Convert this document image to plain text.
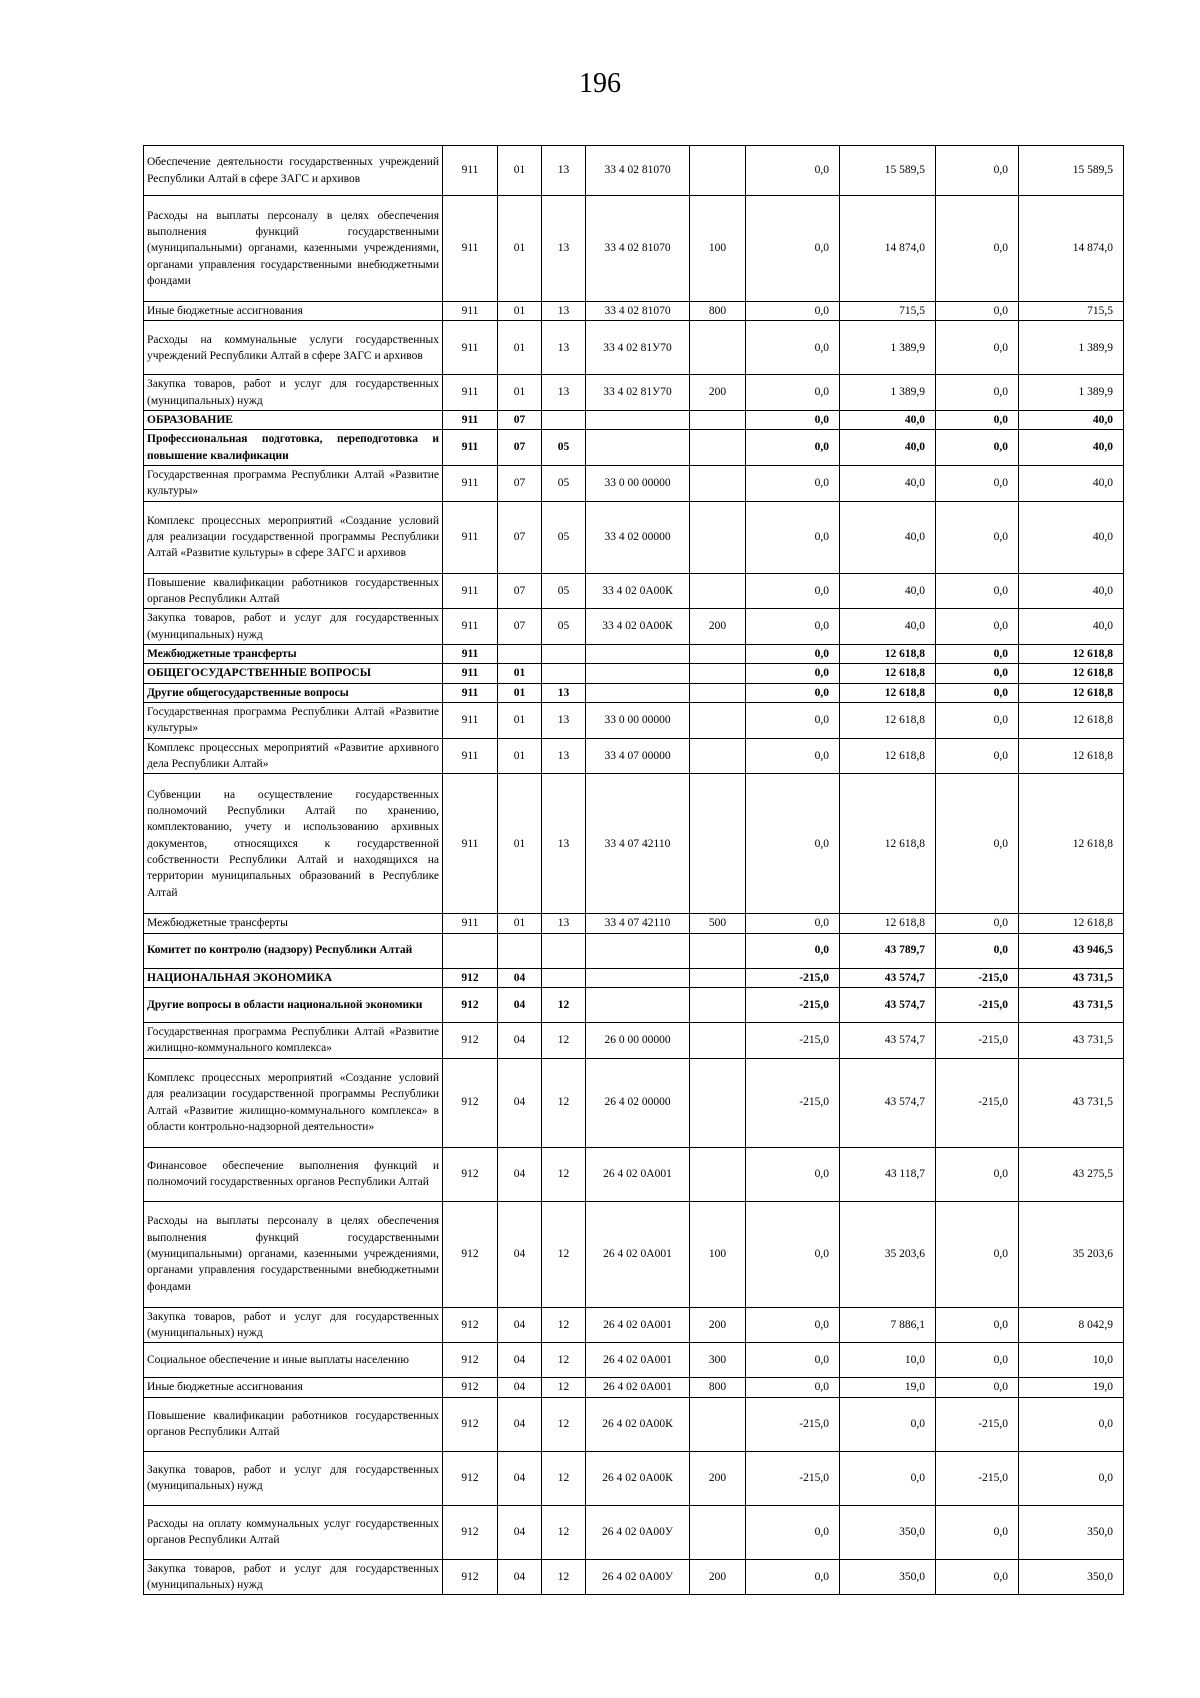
196
Обеспечение деятельности государственных учреждений Республики Алтай в сфере ЗАГС и архивов	911	01	13	33 4 02 81070		0,0	15 589,5	0,0	15 589,5
Расходы на выплаты персоналу в целях обеспечения выполнения функций государственными (муниципальными) органами, казенными учреждениями, органами управления государственными внебюджетными фондами	911	01	13	33 4 02 81070	100	0,0	14 874,0	0,0	14 874,0
Иные бюджетные ассигнования	911	01	13	33 4 02 81070	800	0,0	715,5	0,0	715,5
Расходы на коммунальные услуги государственных учреждений Республики Алтай в сфере ЗАГС и архивов	911	01	13	33 4 02 81У70		0,0	1 389,9	0,0	1 389,9
Закупка товаров, работ и услуг для государственных (муниципальных) нужд	911	01	13	33 4 02 81У70	200	0,0	1 389,9	0,0	1 389,9
ОБРАЗОВАНИЕ	911	07				0,0	40,0	0,0	40,0
Профессиональная подготовка, переподготовка и повышение квалификации	911	07	05			0,0	40,0	0,0	40,0
Государственная программа Республики Алтай «Развитие культуры»	911	07	05	33 0 00 00000		0,0	40,0	0,0	40,0
Комплекс процессных мероприятий «Создание условий для реализации государственной программы Республики Алтай «Развитие культуры» в сфере ЗАГС и архивов	911	07	05	33 4 02 00000		0,0	40,0	0,0	40,0
Повышение квалификации работников государственных органов Республики Алтай	911	07	05	33 4 02 0А00К		0,0	40,0	0,0	40,0
Закупка товаров, работ и услуг для государственных (муниципальных) нужд	911	07	05	33 4 02 0А00К	200	0,0	40,0	0,0	40,0
Межбюджетные трансферты	911					0,0	12 618,8	0,0	12 618,8
ОБЩЕГОСУДАРСТВЕННЫЕ ВОПРОСЫ	911	01				0,0	12 618,8	0,0	12 618,8
Другие общегосударственные вопросы	911	01	13			0,0	12 618,8	0,0	12 618,8
Государственная программа Республики Алтай «Развитие культуры»	911	01	13	33 0 00 00000		0,0	12 618,8	0,0	12 618,8
Комплекс процессных мероприятий «Развитие архивного дела Республики Алтай»	911	01	13	33 4 07 00000		0,0	12 618,8	0,0	12 618,8
Субвенции на осуществление государственных полномочий Республики Алтай по хранению, комплектованию, учету и использованию архивных документов, относящихся к государственной собственности Республики Алтай и находящихся на территории муниципальных образований в Республике Алтай	911	01	13	33 4 07 42110		0,0	12 618,8	0,0	12 618,8
Межбюджетные трансферты	911	01	13	33 4 07 42110	500	0,0	12 618,8	0,0	12 618,8
Комитет по контролю (надзору) Республики Алтай						0,0	43 789,7	0,0	43 946,5
НАЦИОНАЛЬНАЯ ЭКОНОМИКА	912	04				-215,0	43 574,7	-215,0	43 731,5
Другие вопросы в области национальной экономики	912	04	12			-215,0	43 574,7	-215,0	43 731,5
Государственная программа Республики Алтай «Развитие жилищно-коммунального комплекса»	912	04	12	26 0 00 00000		-215,0	43 574,7	-215,0	43 731,5
Комплекс процессных мероприятий «Создание условий для реализации государственной программы Республики Алтай «Развитие жилищно-коммунального комплекса» в области контрольно-надзорной деятельности»	912	04	12	26 4 02 00000		-215,0	43 574,7	-215,0	43 731,5
Финансовое обеспечение выполнения функций и полномочий государственных органов Республики Алтай	912	04	12	26 4 02 0А001		0,0	43 118,7	0,0	43 275,5
Расходы на выплаты персоналу в целях обеспечения выполнения функций государственными (муниципальными) органами, казенными учреждениями, органами управления государственными внебюджетными фондами	912	04	12	26 4 02 0А001	100	0,0	35 203,6	0,0	35 203,6
Закупка товаров, работ и услуг для государственных (муниципальных) нужд	912	04	12	26 4 02 0А001	200	0,0	7 886,1	0,0	8 042,9
Социальное обеспечение и иные выплаты населению	912	04	12	26 4 02 0А001	300	0,0	10,0	0,0	10,0
Иные бюджетные ассигнования	912	04	12	26 4 02 0А001	800	0,0	19,0	0,0	19,0
Повышение квалификации работников государственных органов Республики Алтай	912	04	12	26 4 02 0А00К		-215,0	0,0	-215,0	0,0
Закупка товаров, работ и услуг для государственных (муниципальных) нужд	912	04	12	26 4 02 0А00К	200	-215,0	0,0	-215,0	0,0
Расходы на оплату коммунальных услуг государственных органов Республики Алтай	912	04	12	26 4 02 0А00У		0,0	350,0	0,0	350,0
Закупка товаров, работ и услуг для государственных (муниципальных) нужд	912	04	12	26 4 02 0А00У	200	0,0	350,0	0,0	350,0
